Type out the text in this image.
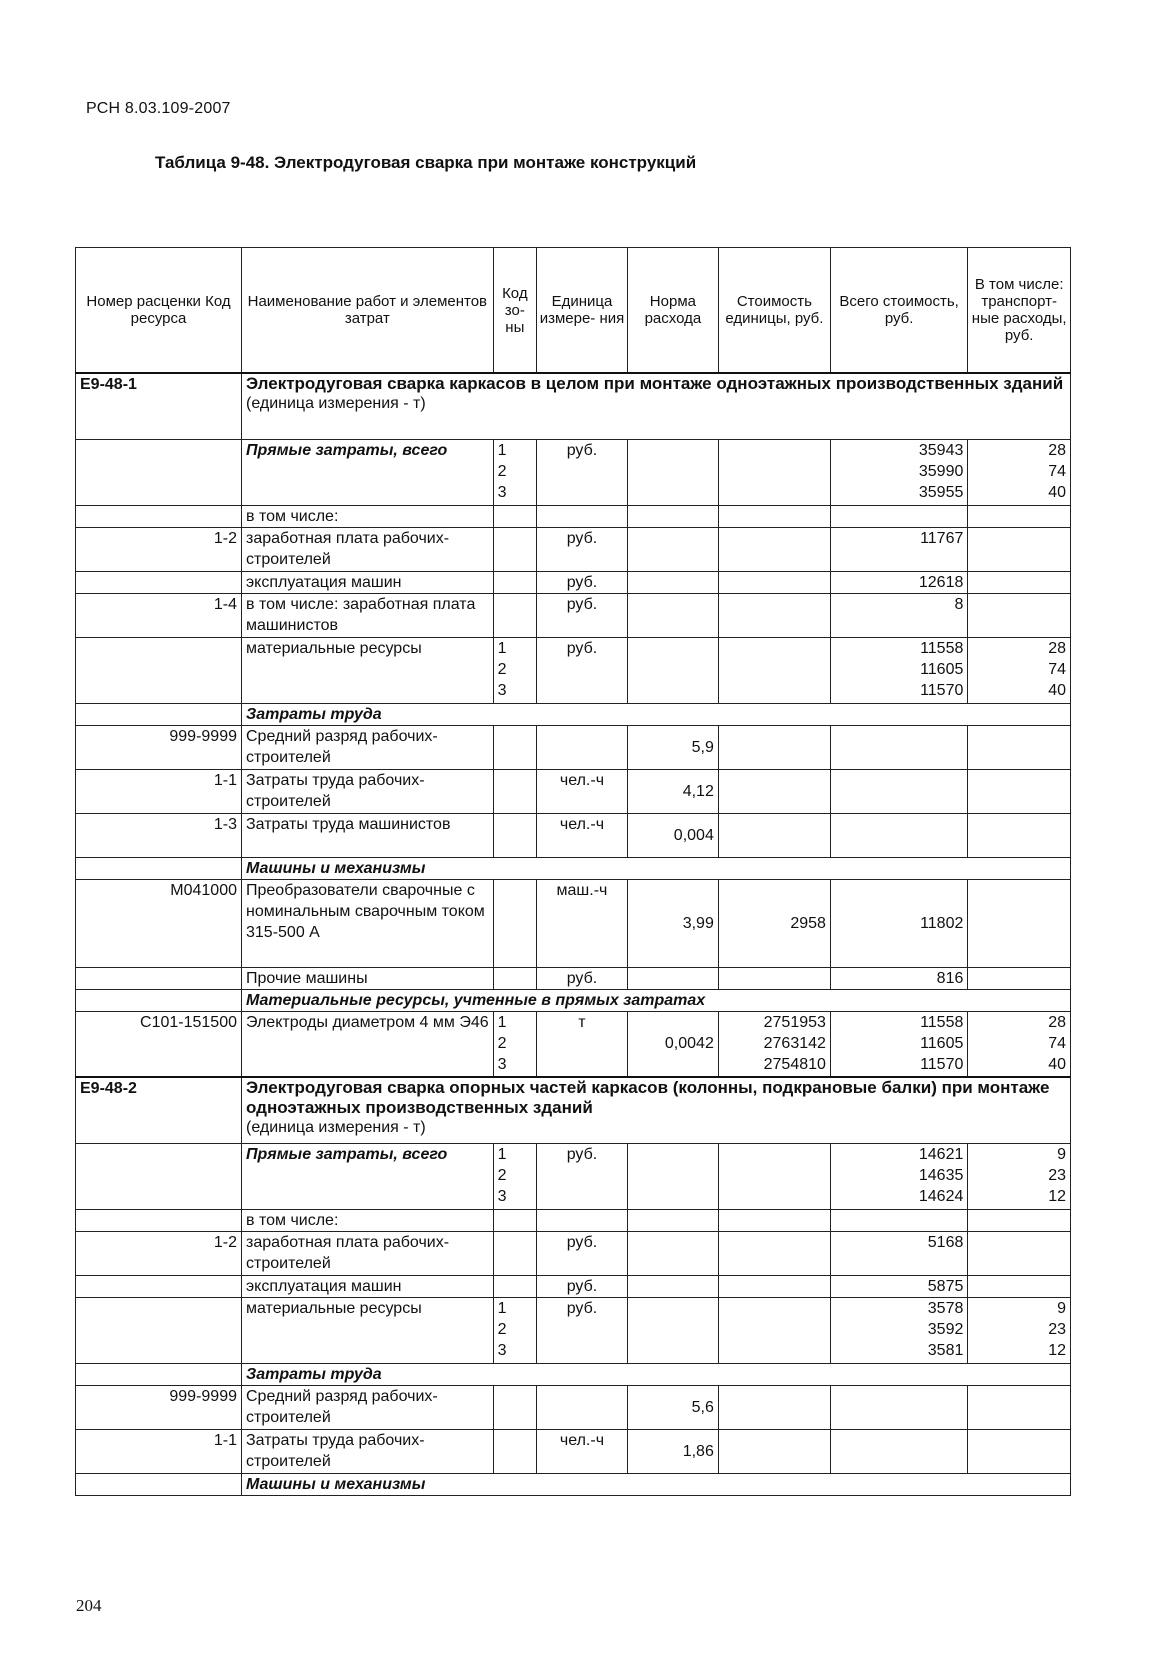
РСН 8.03.109-2007
Таблица 9-48. Электродуговая сварка при монтаже конструкций
Номер расценки Код ресурса	Наименование работ и элементов затрат	Код зо- ны	Единица измере- ния	Норма расхода	Стоимость единицы, руб.	Всего стоимость, руб.	В том числе: транспорт- ные расходы, руб.
Е9-48-1	Электродуговая сварка каркасов в целом при монтаже одноэтажных производственных зданий
(единица измерения - т)						
	Прямые затраты, всего	1
2
3	руб.			35943
35990
35955	28
74
40

	в том числе:						
1-2	заработная плата рабочих-строителей		руб.			11767	
	эксплуатация машин		руб.			12618	
1-4	в том числе: заработная плата машинистов		руб.			8	
	материальные ресурсы	1
2
3	руб.			11558
11605
11570	28
74
40

	Затраты труда						
999-9999	Средний разряд рабочих-строителей			5,9			
1-1	Затраты труда рабочих-строителей		чел.-ч	4,12			
1-3	Затраты труда машинистов		чел.-ч	0,004			
	Машины и механизмы						
М041000	Преобразователи сварочные с номинальным сварочным током 315-500 А		маш.-ч	3,99	2958	11802	
	Прочие машины		руб.			816	
	Материальные ресурсы, учтенные в прямых затратах						
С101-151500	Электроды диаметром 4 мм Э46	1
2
3	т	0,0042	2751953
2763142
2754810	11558
11605
11570	28
74
40

Е9-48-2	Электродуговая сварка опорных частей каркасов (колонны, подкрановые балки) при монтаже одноэтажных производственных зданий
(единица измерения - т)						
	Прямые затраты, всего	1
2
3	руб.			14621
14635
14624	9
23
12

	в том числе:						
1-2	заработная плата рабочих-строителей		руб.			5168	
	эксплуатация машин		руб.			5875	
	материальные ресурсы	1
2
3	руб.			3578
3592
3581	9
23
12

	Затраты труда						
999-9999	Средний разряд рабочих-строителей			5,6			
1-1	Затраты труда рабочих-строителей		чел.-ч	1,86			
	Машины и механизмы						
204
